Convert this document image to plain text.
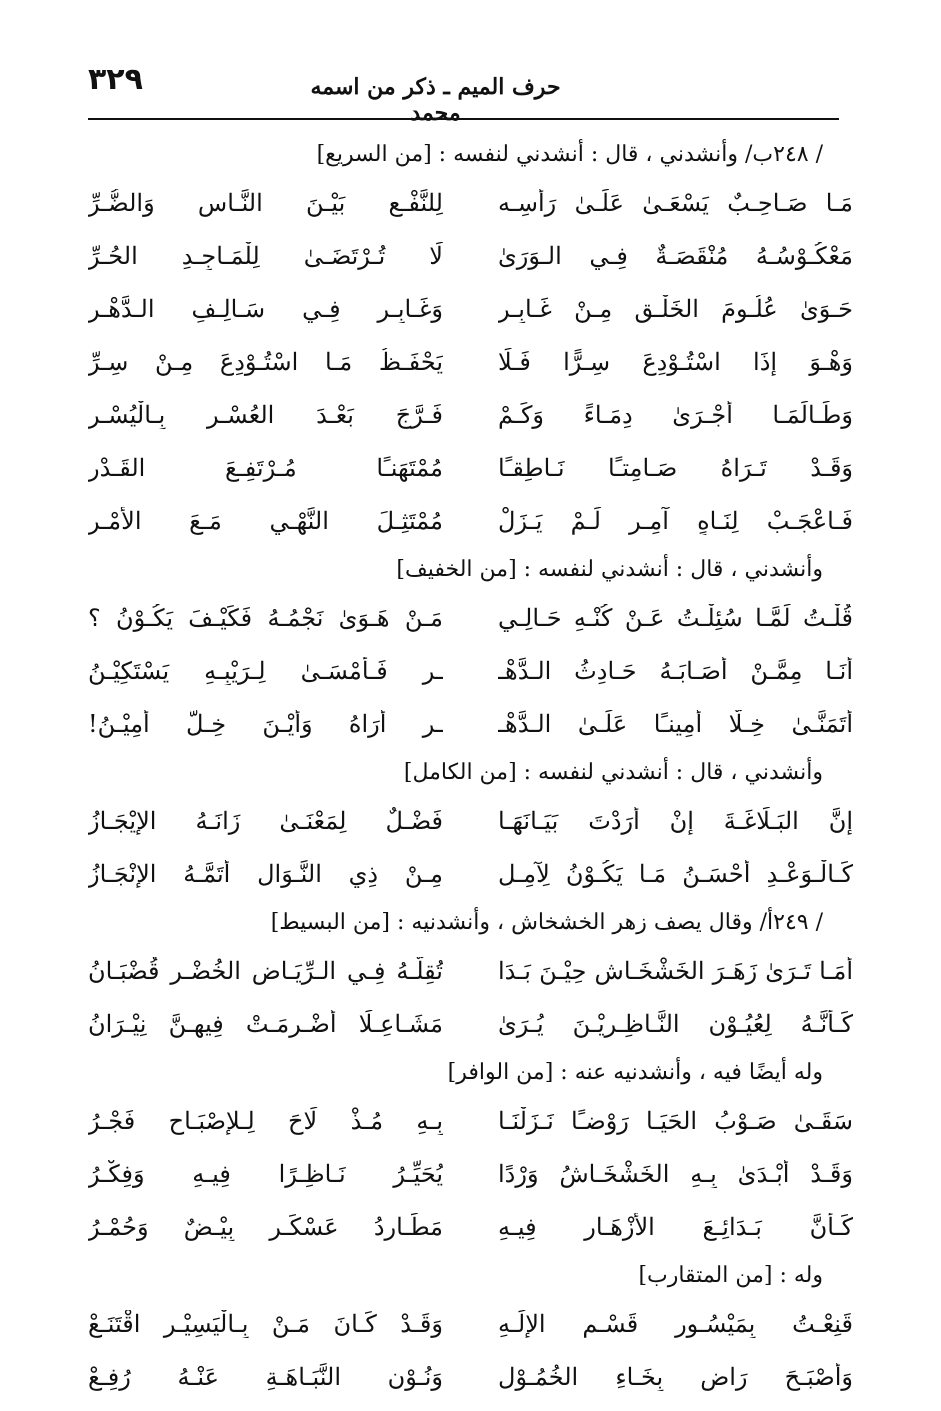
٣٢٩	حرف الميم ـ ذكر من اسمه محمد
/ ٢٤٨ب/ وأنشدني ، قال : أنشدني لنفسه : [من السريع]
مَـا صَـاحِـبٌ يَسْعَـىٰ عَلَـىٰ رَأْسِـه
لِلنَّفْـعِ بَيْـنَ النَّـاسِ وَالضُّـرِّ
مَعْكُـوْسُـهُ مُنْقَصَـةٌ فِـي الـوَرَىٰ
لَا تُـرْتَضَـىٰ لِلْمَـاجِـدِ الحُـرِّ
حَـوَىٰ عُلُـومَ الخَلْـقِ مِـنْ غَـابِـرٍ
وَغَـابِـرٍ فِـي سَـالِـفِ الـدَّهْـرِ
وَهْـوَ إِذَا اسْتُـوْدِعَ سِـرًّا فَـلَا
يَحْفَـظُ مَـا اسْتُـوْدِعَ مِـنْ سِـرِّ
وَطَـالَمَـا أَجْـرَىٰ دِمَـاءً وَكَـمْ
فَـرَّجَ بَعْـدَ العُسْـرِ بِـالْيُسْـرِ
وَقَـدْ تَـرَاهُ صَـامِتـًا نَـاطِقـًا
مُمْتَهَنـًا مُـرْتَفِـعَ القَـدْرِ
فَـاعْجَـبْ لِنَـاهٍ آمِـرٍ لَـمْ يَـزَلْ
مُمْتَثِـلَ النَّهْـيِ مَـعَ الأَمْـرِ
وأنشدني ، قال : أنشدني لنفسه : [من الخفيف]
قُلْـتُ لَمَّـا سُئِلْـتُ عَـنْ كُنْـهِ حَـالِـي
مَـنْ هَـوَىٰ نَجْمُـهُ فَكَيْـفَ يَكُـوْنُ ؟
أَنَـا مِمَّـنْ أَصَـابَـهُ حَـادِثُ الـدَّهْـ
ـرِ فَـأَمْسَـىٰ لِـرَيْبِـهِ يَسْتَكِيْـنُ
أَتَمَنَّـىٰ خِـلًّا أَمِينـًا عَلَـىٰ الـدَّهْـ
ـرِ أَرَاهُ وَأَيْـنَ خِـلٌّ أَمِيْـنُ!
وأنشدني ، قال : أنشدني لنفسه : [من الكامل]
إِنَّ البَـلَاغَـةَ إِنْ أَرَدْتَ بَيَـانَهَـا
فَضْـلٌ لِمَعْنَـىٰ زَانَـهُ الإِيْجَـازُ
كَـالْـوَعْـدِ أَحْسَـنُ مَـا يَكُـوْنُ لِآمِـلٍ
مِـنْ ذِي النَّـوَالِ أَتَمَّـهُ الإِنْجَـازُ
/ ٢٤٩أ/ وقال يصف زهر الخشخاش ، وأنشدنيه : [من البسيط]
أَمَـا تَـرَىٰ زَهَـرَ الخَشْخَـاشِ حِيْـنَ بَـدَا
تُقِلُّـهُ فِـي الـرِّيَـاضِ الخُضْـرِ قُضْبَـانُ
كَـأَنَّـهُ لِعُيُـوْنِ النَّـاظِـرِيْـنَ يُـرَىٰ
مَشَـاعِـلًا أُضْـرِمَـتْ فِيهِـنَّ نِيْـرَانُ
وله أيضًا فيه ، وأنشدنيه عنه : [من الوافر]
سَقَـىٰ صَـوْبُ الحَيَـا رَوْضـًا نَـزَلْنَـا
بِـهِ مُـذْ لَاحَ لِـلإِصْبَـاحِ فَجْـرُ
وَقَـدْ أَبْـدَىٰ بِـهِ الخَشْخَـاشُ وَرْدًا
يُحَيِّـرُ نَـاظِـرًا فِيـهِ وَفِكْـرُ
كَـأَنَّ بَـدَائِـعَ الأَزْهَـارِ فِيـهِ
مَطَـارِدُ عَسْكَـرٍ بِيْـضٌ وَحُمْـرُ
وله : [من المتقارب]
قَنِعْـتُ بِمَيْسُـورِ قَسْـمِ الإِلَـهِ
وَقَـدْ كَـانَ مَـنْ بِـالْيَسِيْـرِ اقْتَنَـعْ
وَأَصْبَـحَ رَاضٍ بِخَـاءِ الخُمُـوْلِ
وَنُـوْنِ النَّبَـاهَـةِ عَنْـهُ رُفِـعْ
